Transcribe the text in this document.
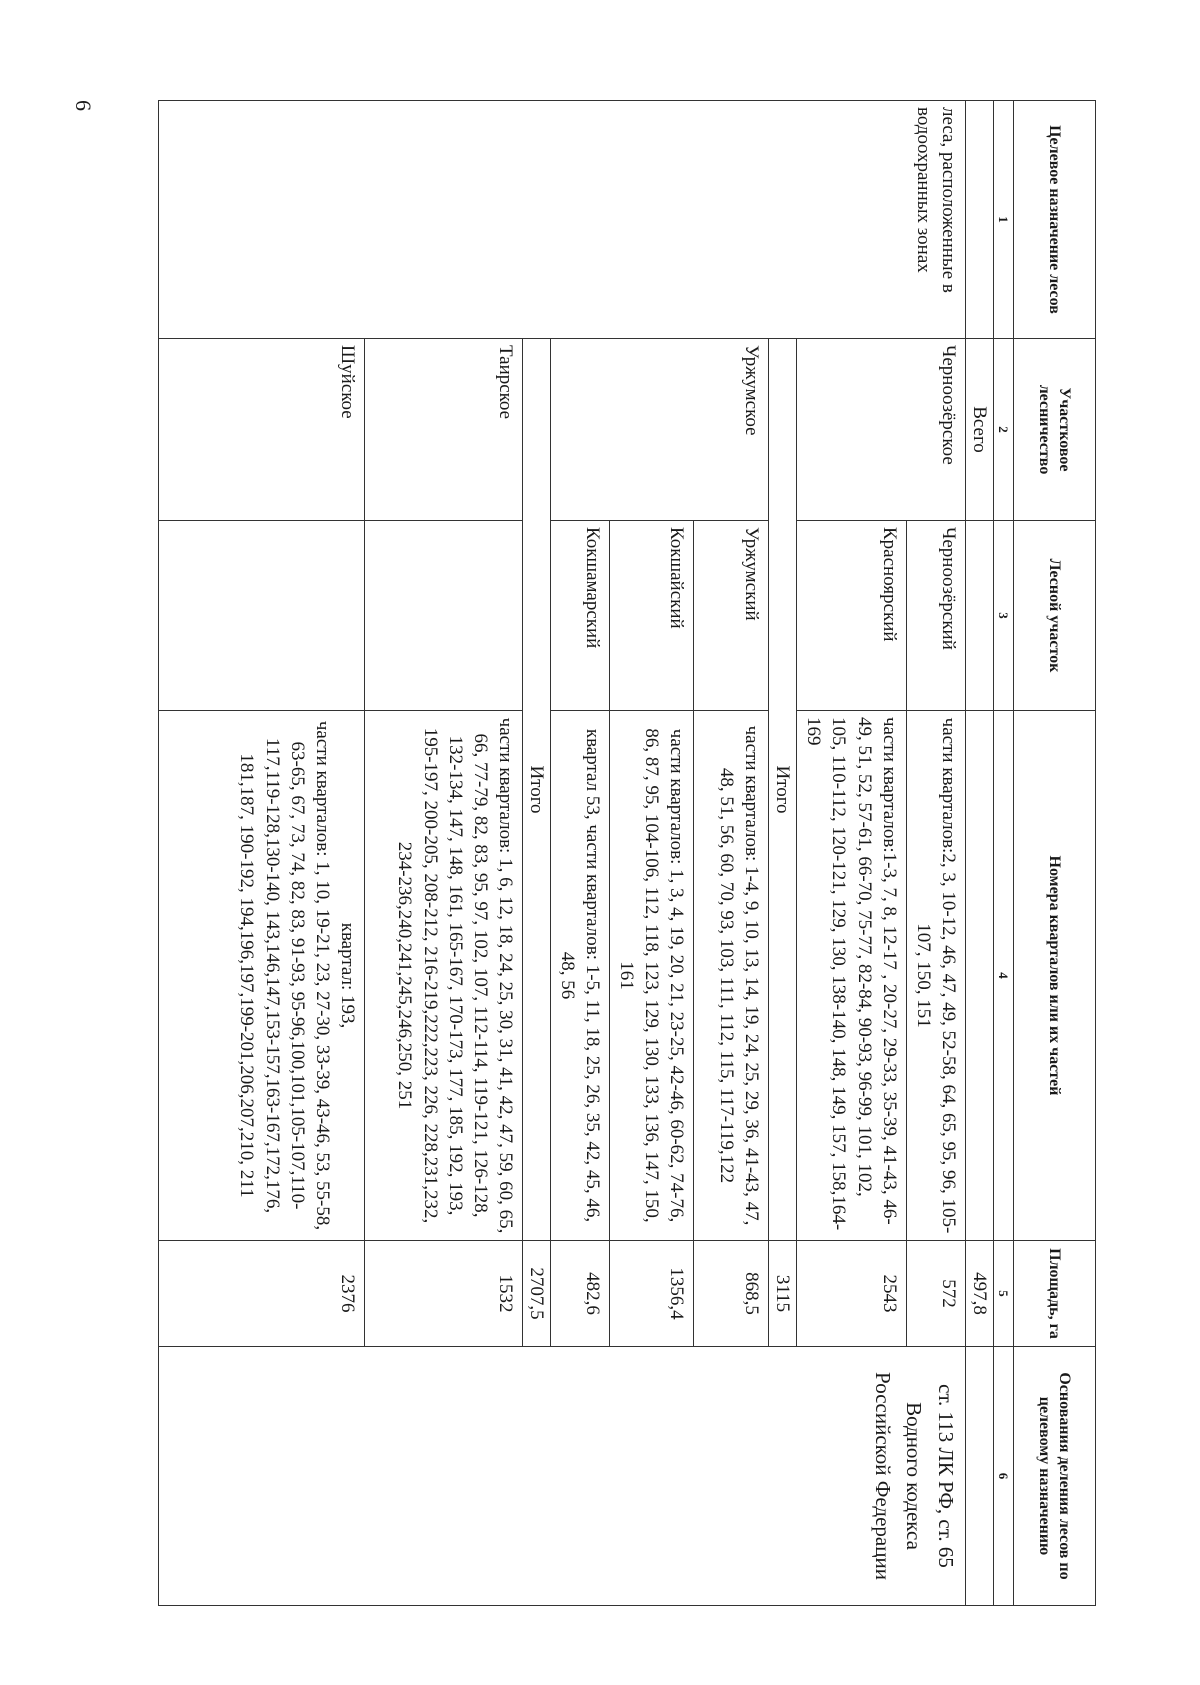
6
Целевое назначение лесов	Участковое лесничество	Лесной участок	Номера кварталов или их частей	Площадь, га	Основания деления лесов по целевому назначению	
1	2	3	4	5	6	
	Всего			497,8		
леса, расположенные в водоохранных зонах	Черноозёрское	Черноозёрский	части кварталов:2, 3, 10-12, 46, 47, 49, 52-58, 64, 65, 95, 96, 105-107, 150, 151	572	ст. 113 ЛК РФ, ст. 65 Водного кодекса Российской Федерации	
		Красноярский	части кварталов:1-3, 7, 8, 12-17 , 20-27, 29-33, 35-39, 41-43, 46-49, 51, 52, 57-61, 66-70, 75-77, 82-84, 90-93, 96-99, 101, 102, 105, 110-112, 120-121, 129, 130, 138-140, 148, 149, 157, 158,164-169	2543		
	Итого			3115		
	Уржумское	Уржумский	части кварталов: 1-4, 9, 10, 13, 14, 19, 24, 25, 29, 36, 41-43, 47, 48, 51, 56, 60, 70, 93, 103, 111, 112, 115, 117-119,122	868,5		
		Кокшайский	части кварталов: 1, 3, 4, 19, 20, 21, 23-25, 42-46, 60-62, 74-76, 86, 87, 95, 104-106, 112, 118, 123, 129, 130, 133, 136, 147, 150, 161	1356,4		
		Кокшамарский	квартал 53, части кварталов: 1-5, 11, 18, 25, 26, 35, 42, 45, 46, 48, 56	482,6		
	Итого			2707,5		
	Таирское		части кварталов: 1, 6, 12, 18, 24, 25, 30, 31, 41, 42, 47, 59, 60, 65, 66, 77-79, 82, 83, 95, 97, 102, 107, 112-114, 119-121, 126-128, 132-134, 147, 148, 161, 165-167, 170-173, 177, 185, 192, 193, 195-197, 200-205, 208-212, 216-219,222,223, 226, 228,231,232, 234-236,240,241,245,246,250, 251	1532		
	Шуйское		квартал: 193,
части кварталов: 1, 10, 19-21, 23, 27-30, 33-39, 43-46, 53, 55-58, 63-65, 67, 73, 74, 82, 83, 91-93, 95-96,100,101,105-107,110-117,119-128,130-140, 143,146,147,153-157,163-167,172,176, 181,187, 190-192, 194,196,197,199-201,206,207,210, 211	2376		
